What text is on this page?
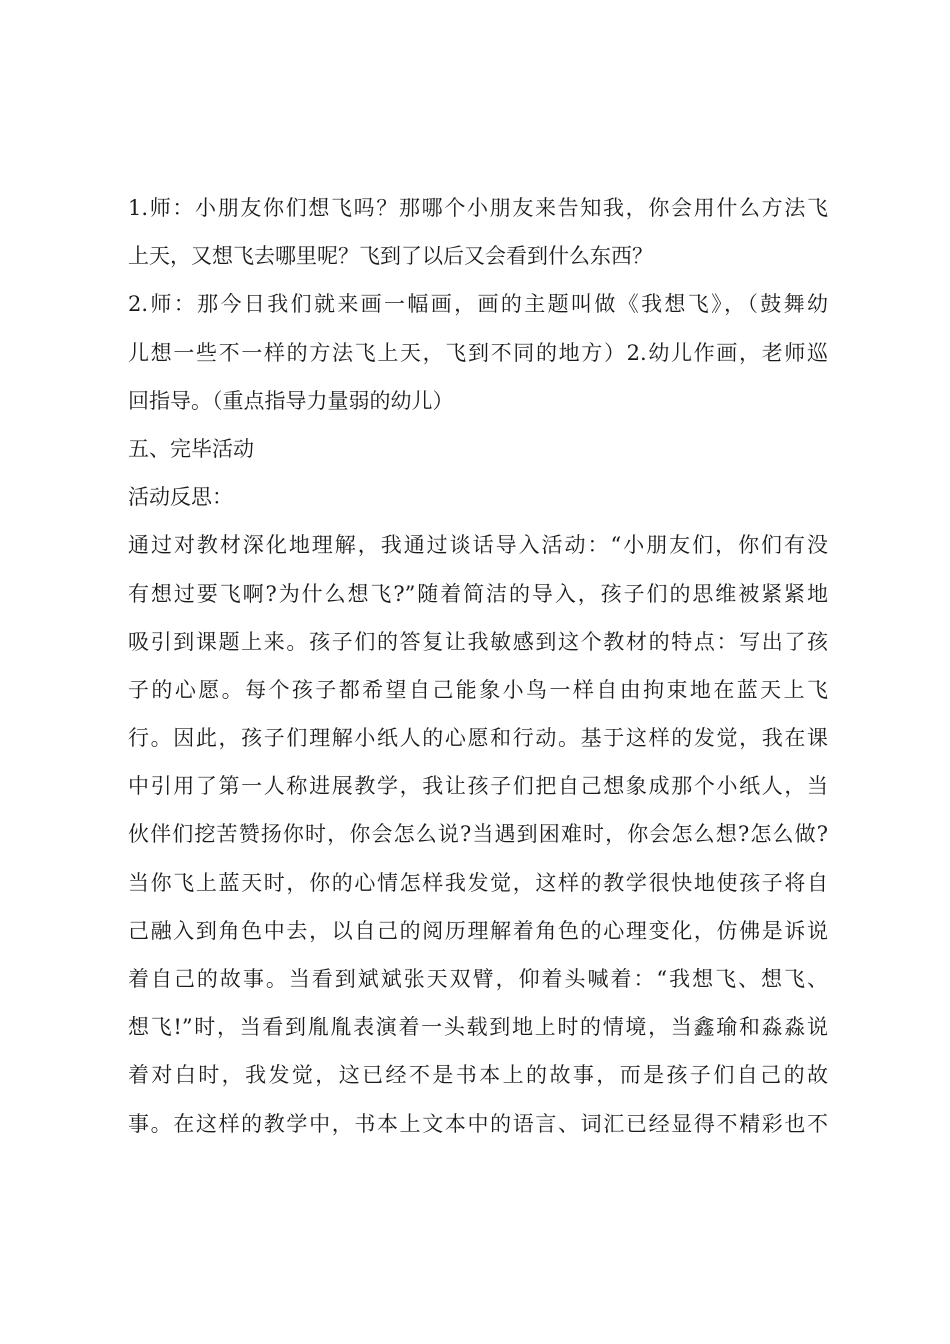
1.师：小朋友你们想飞吗？那哪个小朋友来告知我，你会用什么方法飞
上天，又想飞去哪里呢？飞到了以后又会看到什么东西？
2.师：那今日我们就来画一幅画，画的主题叫做《我想飞》，（鼓舞幼
儿想一些不一样的方法飞上天，飞到不同的地方）2.幼儿作画，老师巡
回指导。（重点指导力量弱的幼儿）
五、完毕活动
活动反思：
通过对教材深化地理解，我通过谈话导入活动：“小朋友们，你们有没
有想过要飞啊?为什么想飞?”随着简洁的导入，孩子们的思维被紧紧地
吸引到课题上来。孩子们的答复让我敏感到这个教材的特点：写出了孩
子的心愿。每个孩子都希望自己能象小鸟一样自由拘束地在蓝天上飞
行。因此，孩子们理解小纸人的心愿和行动。基于这样的发觉，我在课
中引用了第一人称进展教学，我让孩子们把自己想象成那个小纸人，当
伙伴们挖苦赞扬你时，你会怎么说?当遇到困难时，你会怎么想?怎么做?
当你飞上蓝天时，你的心情怎样我发觉，这样的教学很快地使孩子将自
己融入到角色中去，以自己的阅历理解着角色的心理变化，仿佛是诉说
着自己的故事。当看到斌斌张天双臂，仰着头喊着：“我想飞、想飞、
想飞!”时，当看到胤胤表演着一头载到地上时的情境，当鑫瑜和淼淼说
着对白时，我发觉，这已经不是书本上的故事，而是孩子们自己的故
事。在这样的教学中，书本上文本中的语言、词汇已经显得不精彩也不
